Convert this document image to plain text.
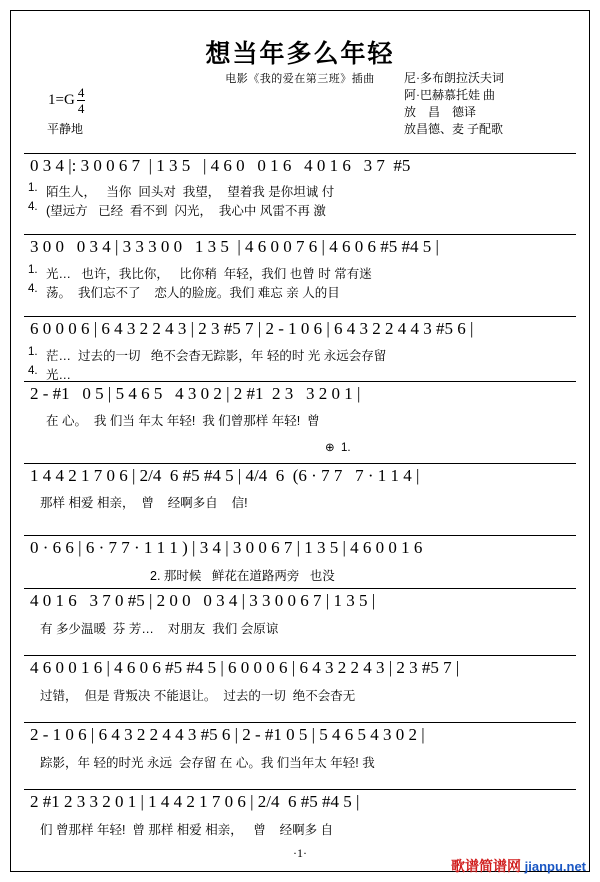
想当年多么年轻
电影《我的爱在第三班》插曲
$1=G \frac{4}{4}$
平静地
尼·多布朗拉沃夫词
阿·巴赫慕托娃 曲
放    昌    德译
放昌德、麦 子配歌
0 3 4 |: 3 0 0 6 7  | 1 3 5   | 4 6 0   0 1 6   4 0 1 6   3 7  #5
1. 陌生人，   当你  回头对  我望，  望着我 是你坦诚 付
4. (望远方   已经  看不到  闪光，  我心中 风雷不再 激
3 0 0   0 3 4 | 3 3 3 0 0   1 3 5  | 4 6 0 0 7 6 | 4 6 0 6 #5 #4 5 |
1. 光…   也许，我比你，   比你稍  年轻，我们 也曾 时 常有迷
4. 荡。  我们忘不了    恋人的脸庞。我们 难忘 亲 人的目
6 0 0 0 6 | 6 4 3 2 2 4 3 | 2 3 #5 7 | 2 - 1 0 6 | 6 4 3 2 2 4 4 3 #5 6 |
1. 茫…  过去的一切   绝不会杳无踪影，年 轻的时 光 永远会存留
4. 光…
2 - #1   0 5 | 5 4 6 5   4 3 0 2 | 2 #1  2 3   3 2 0 1 |
在 心。  我 们当 年太 年轻!  我 们曾那样 年轻!  曾
⊕  1.
1 4 4 2 1 7 0 6 | 2/4  6 #5 #4 5 | 4/4  6  (6 · 7 7   7 · 1 1 4 |
那样 相爱 相亲，  曾    经啊多自    信!
0 · 6 6 | 6 · 7 7 · 1 1 1 ) | 3 4 | 3 0 0 6 7 | 1 3 5 | 4 6 0 0 1 6
2. 那时候   鲜花在道路两旁   也没
4 0 1 6   3 7 0 #5 | 2 0 0   0 3 4 | 3 3 0 0 6 7 | 1 3 5 |
有 多少温暖  芬 芳…    对朋友  我们 会原谅
4 6 0 0 1 6 | 4 6 0 6 #5 #4 5 | 6 0 0 0 6 | 6 4 3 2 2 4 3 | 2 3 #5 7 |
过错，  但是 背叛决 不能退让。  过去的一切  绝不会杳无
2 - 1 0 6 | 6 4 3 2 2 4 4 3 #5 6 | 2 - #1 0 5 | 5 4 6 5 4 3 0 2 |
踪影，年 轻的时光 永远  会存留 在 心。我 们当年太 年轻! 我
2 #1 2 3 3 2 0 1 | 1 4 4 2 1 7 0 6 | 2/4  6 #5 #4 5 |
们 曾那样 年轻!  曾 那样 相爱 相亲，   曾    经啊多 自
·1·
歌谱简谱网 jianpu.net
